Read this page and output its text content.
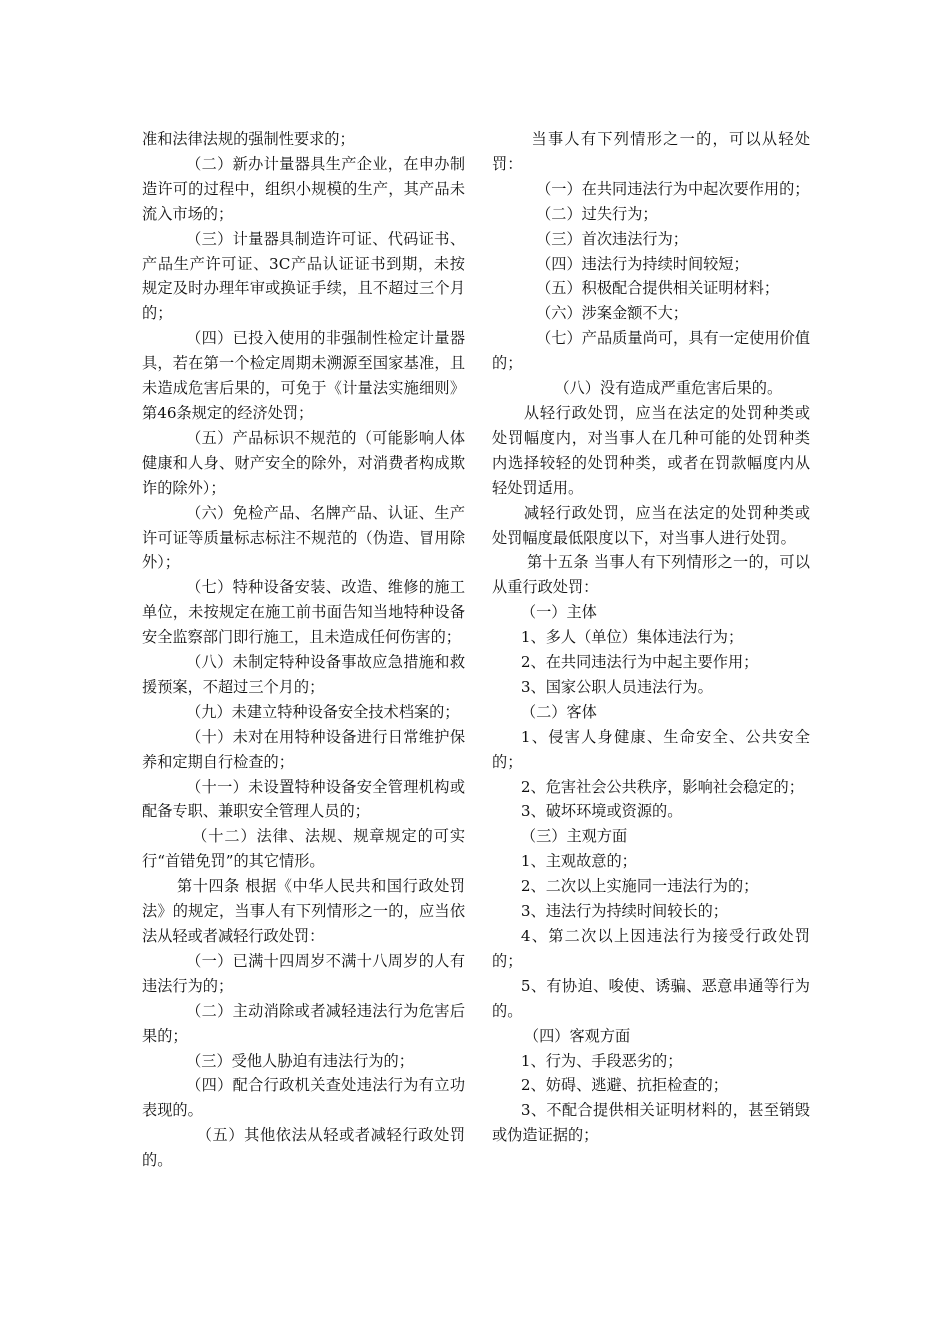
准和法律法规的强制性要求的；

（二）新办计量器具生产企业，在申办制造许可的过程中，组织小规模的生产，其产品未流入市场的；

（三）计量器具制造许可证、代码证书、产品生产许可证、3C产品认证证书到期，未按规定及时办理年审或换证手续，且不超过三个月的；

（四）已投入使用的非强制性检定计量器具，若在第一个检定周期未溯源至国家基准，且未造成危害后果的，可免于《计量法实施细则》第46条规定的经济处罚；

（五）产品标识不规范的（可能影响人体健康和人身、财产安全的除外，对消费者构成欺诈的除外）；

（六）免检产品、名牌产品、认证、生产许可证等质量标志标注不规范的（伪造、冒用除外）；

（七）特种设备安装、改造、维修的施工单位，未按规定在施工前书面告知当地特种设备安全监察部门即行施工，且未造成任何伤害的；

（八）未制定特种设备事故应急措施和救援预案，不超过三个月的；

（九）未建立特种设备安全技术档案的；

（十）未对在用特种设备进行日常维护保养和定期自行检查的；

（十一）未设置特种设备安全管理机构或配备专职、兼职安全管理人员的；

（十二）法律、法规、规章规定的可实行“首错免罚”的其它情形。

第十四条 根据《中华人民共和国行政处罚法》的规定，当事人有下列情形之一的，应当依法从轻或者减轻行政处罚：

（一）已满十四周岁不满十八周岁的人有违法行为的；

（二）主动消除或者减轻违法行为危害后果的；

（三）受他人胁迫有违法行为的；

（四）配合行政机关查处违法行为有立功表现的。

（五）其他依法从轻或者减轻行政处罚的。

当事人有下列情形之一的，可以从轻处罚：

（一）在共同违法行为中起次要作用的；

（二）过失行为；

（三）首次违法行为；

（四）违法行为持续时间较短；

（五）积极配合提供相关证明材料；

（六）涉案金额不大；

（七）产品质量尚可，具有一定使用价值的；

（八）没有造成严重危害后果的。

从轻行政处罚，应当在法定的处罚种类或处罚幅度内，对当事人在几种可能的处罚种类内选择较轻的处罚种类，或者在罚款幅度内从轻处罚适用。

减轻行政处罚，应当在法定的处罚种类或处罚幅度最低限度以下，对当事人进行处罚。

第十五条 当事人有下列情形之一的，可以从重行政处罚：

（一）主体

1、多人（单位）集体违法行为；

2、在共同违法行为中起主要作用；

3、国家公职人员违法行为。

（二）客体

1、侵害人身健康、生命安全、公共安全的；

2、危害社会公共秩序，影响社会稳定的；

3、破坏环境或资源的。

（三）主观方面

1、主观故意的；

2、二次以上实施同一违法行为的；

3、违法行为持续时间较长的；

4、第二次以上因违法行为接受行政处罚的；

5、有协迫、唆使、诱骗、恶意串通等行为的。

（四）客观方面

1、行为、手段恶劣的；

2、妨碍、逃避、抗拒检查的；

3、不配合提供相关证明材料的，甚至销毁或伪造证据的；
